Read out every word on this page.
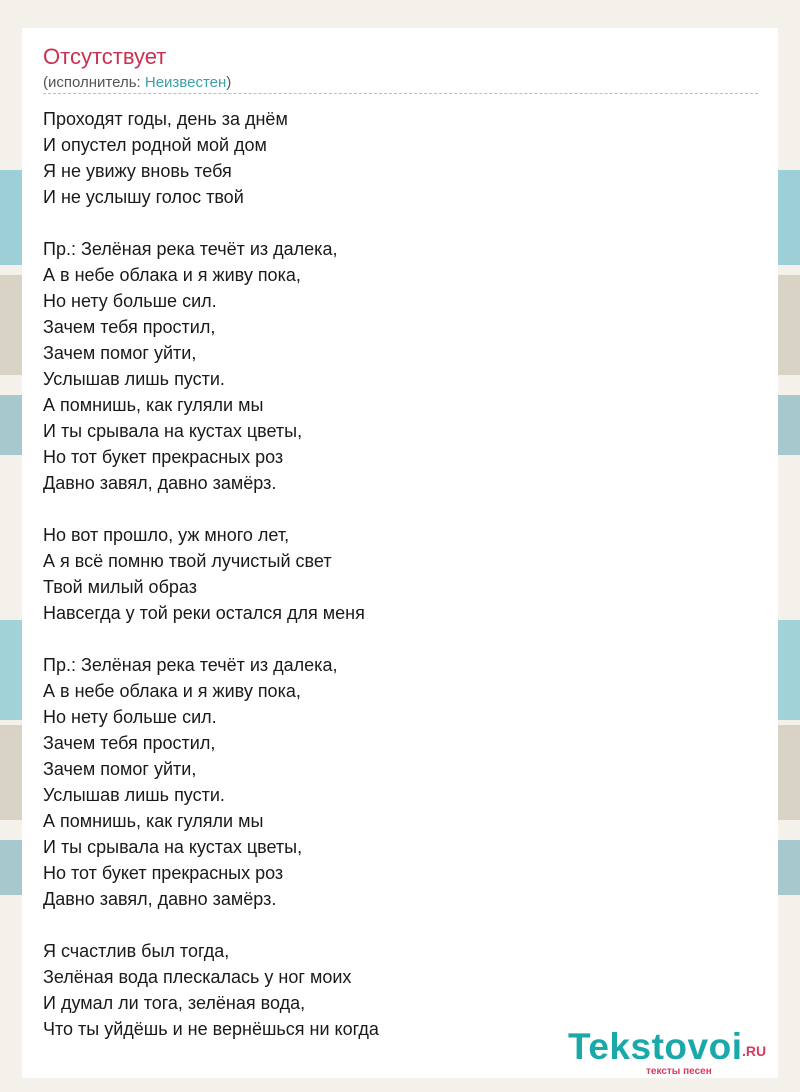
Отсутствует
(исполнитель: Неизвестен)

Проходят годы, день за днём

И опустел родной мой дом

Я не увижу вновь тебя

И не услышу голос твой

Пр.: Зелёная река течёт из далека,

А в небе облака и я живу пока,

Но нету больше сил.

Зачем тебя простил,

Зачем помог уйти,

Услышав лишь пусти.

А помнишь, как гуляли мы

И ты срывала на кустах цветы,

Но тот букет прекрасных роз

Давно завял, давно замёрз.

Но вот прошло, уж много лет,

А я всё помню твой лучистый свет

Твой милый образ

Навсегда у той реки остался для меня

Пр.: Зелёная река течёт из далека,

А в небе облака и я живу пока,

Но нету больше сил.

Зачем тебя простил,

Зачем помог уйти,

Услышав лишь пусти.

А помнишь, как гуляли мы

И ты срывала на кустах цветы,

Но тот букет прекрасных роз

Давно завял, давно замёрз.

Я счастлив был тогда,

Зелёная вода плескалась у ног моих

И думал ли тога, зелёная вода,

Что ты уйдёшь и не вернёшься ни когда	Tekstovoi .RU
тексты песен
